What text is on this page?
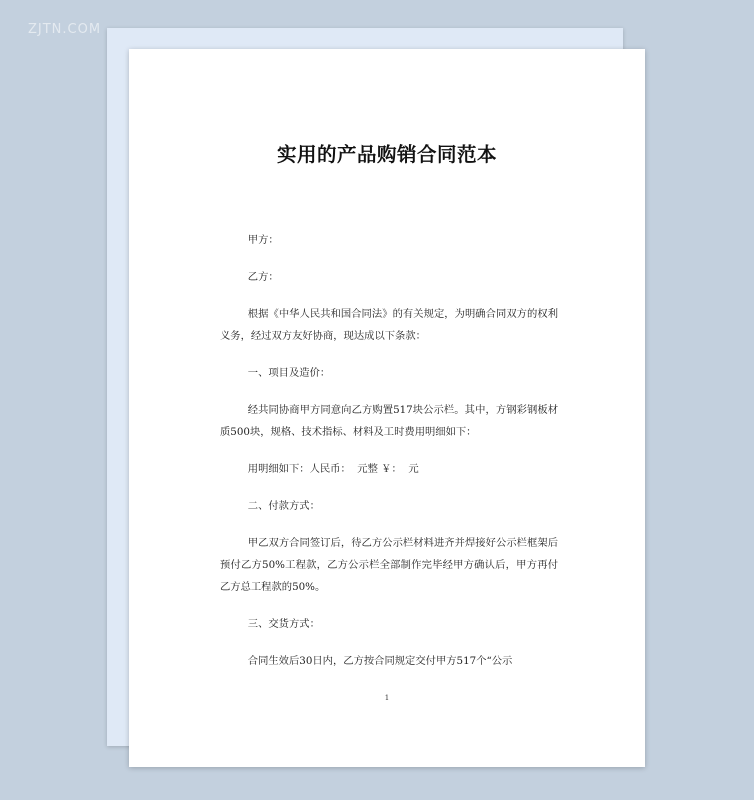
ZJTN.COM
实用的产品购销合同范本

甲方：

乙方：

根据《中华人民共和国合同法》的有关规定，为明确合同双方的权利义务，经过双方友好协商，现达成以下条款：

一、项目及造价：

经共同协商甲方同意向乙方购置517块公示栏。其中，方钢彩钢板材质500块，规格、技术指标、材料及工时费用明细如下：

用明细如下：人民币：  元整 ￥：  元

二、付款方式：

甲乙双方合同签订后，待乙方公示栏材料进齐并焊接好公示栏框架后预付乙方50%工程款，乙方公示栏全部制作完毕经甲方确认后，甲方再付乙方总工程款的50%。

三、交货方式：

合同生效后30日内，乙方按合同规定交付甲方517个“公示

1
